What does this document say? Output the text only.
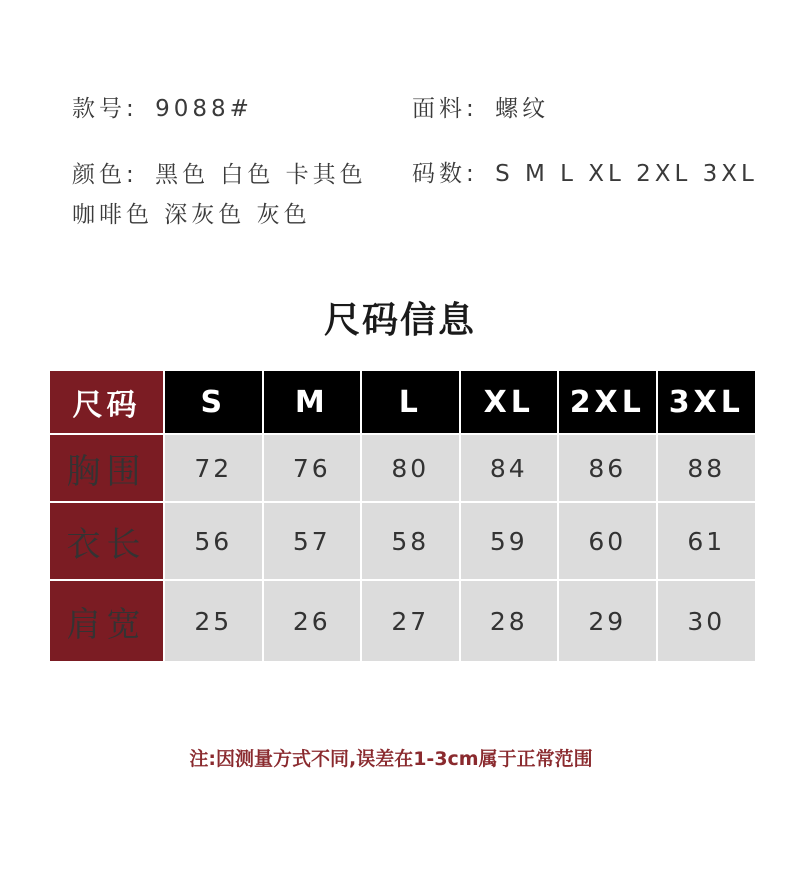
款号: 9088#	面料: 螺纹
颜色: 黑色 白色 卡其色 咖啡色 深灰色 灰色
码数: S M L XL 2XL 3XL
尺码信息
尺码	S	M	L	XL	2XL	3XL
胸围	72	76	80	84	86	88
衣长	56	57	58	59	60	61
肩宽	25	26	27	28	29	30
注:因测量方式不同,误差在1-3cm属于正常范围
